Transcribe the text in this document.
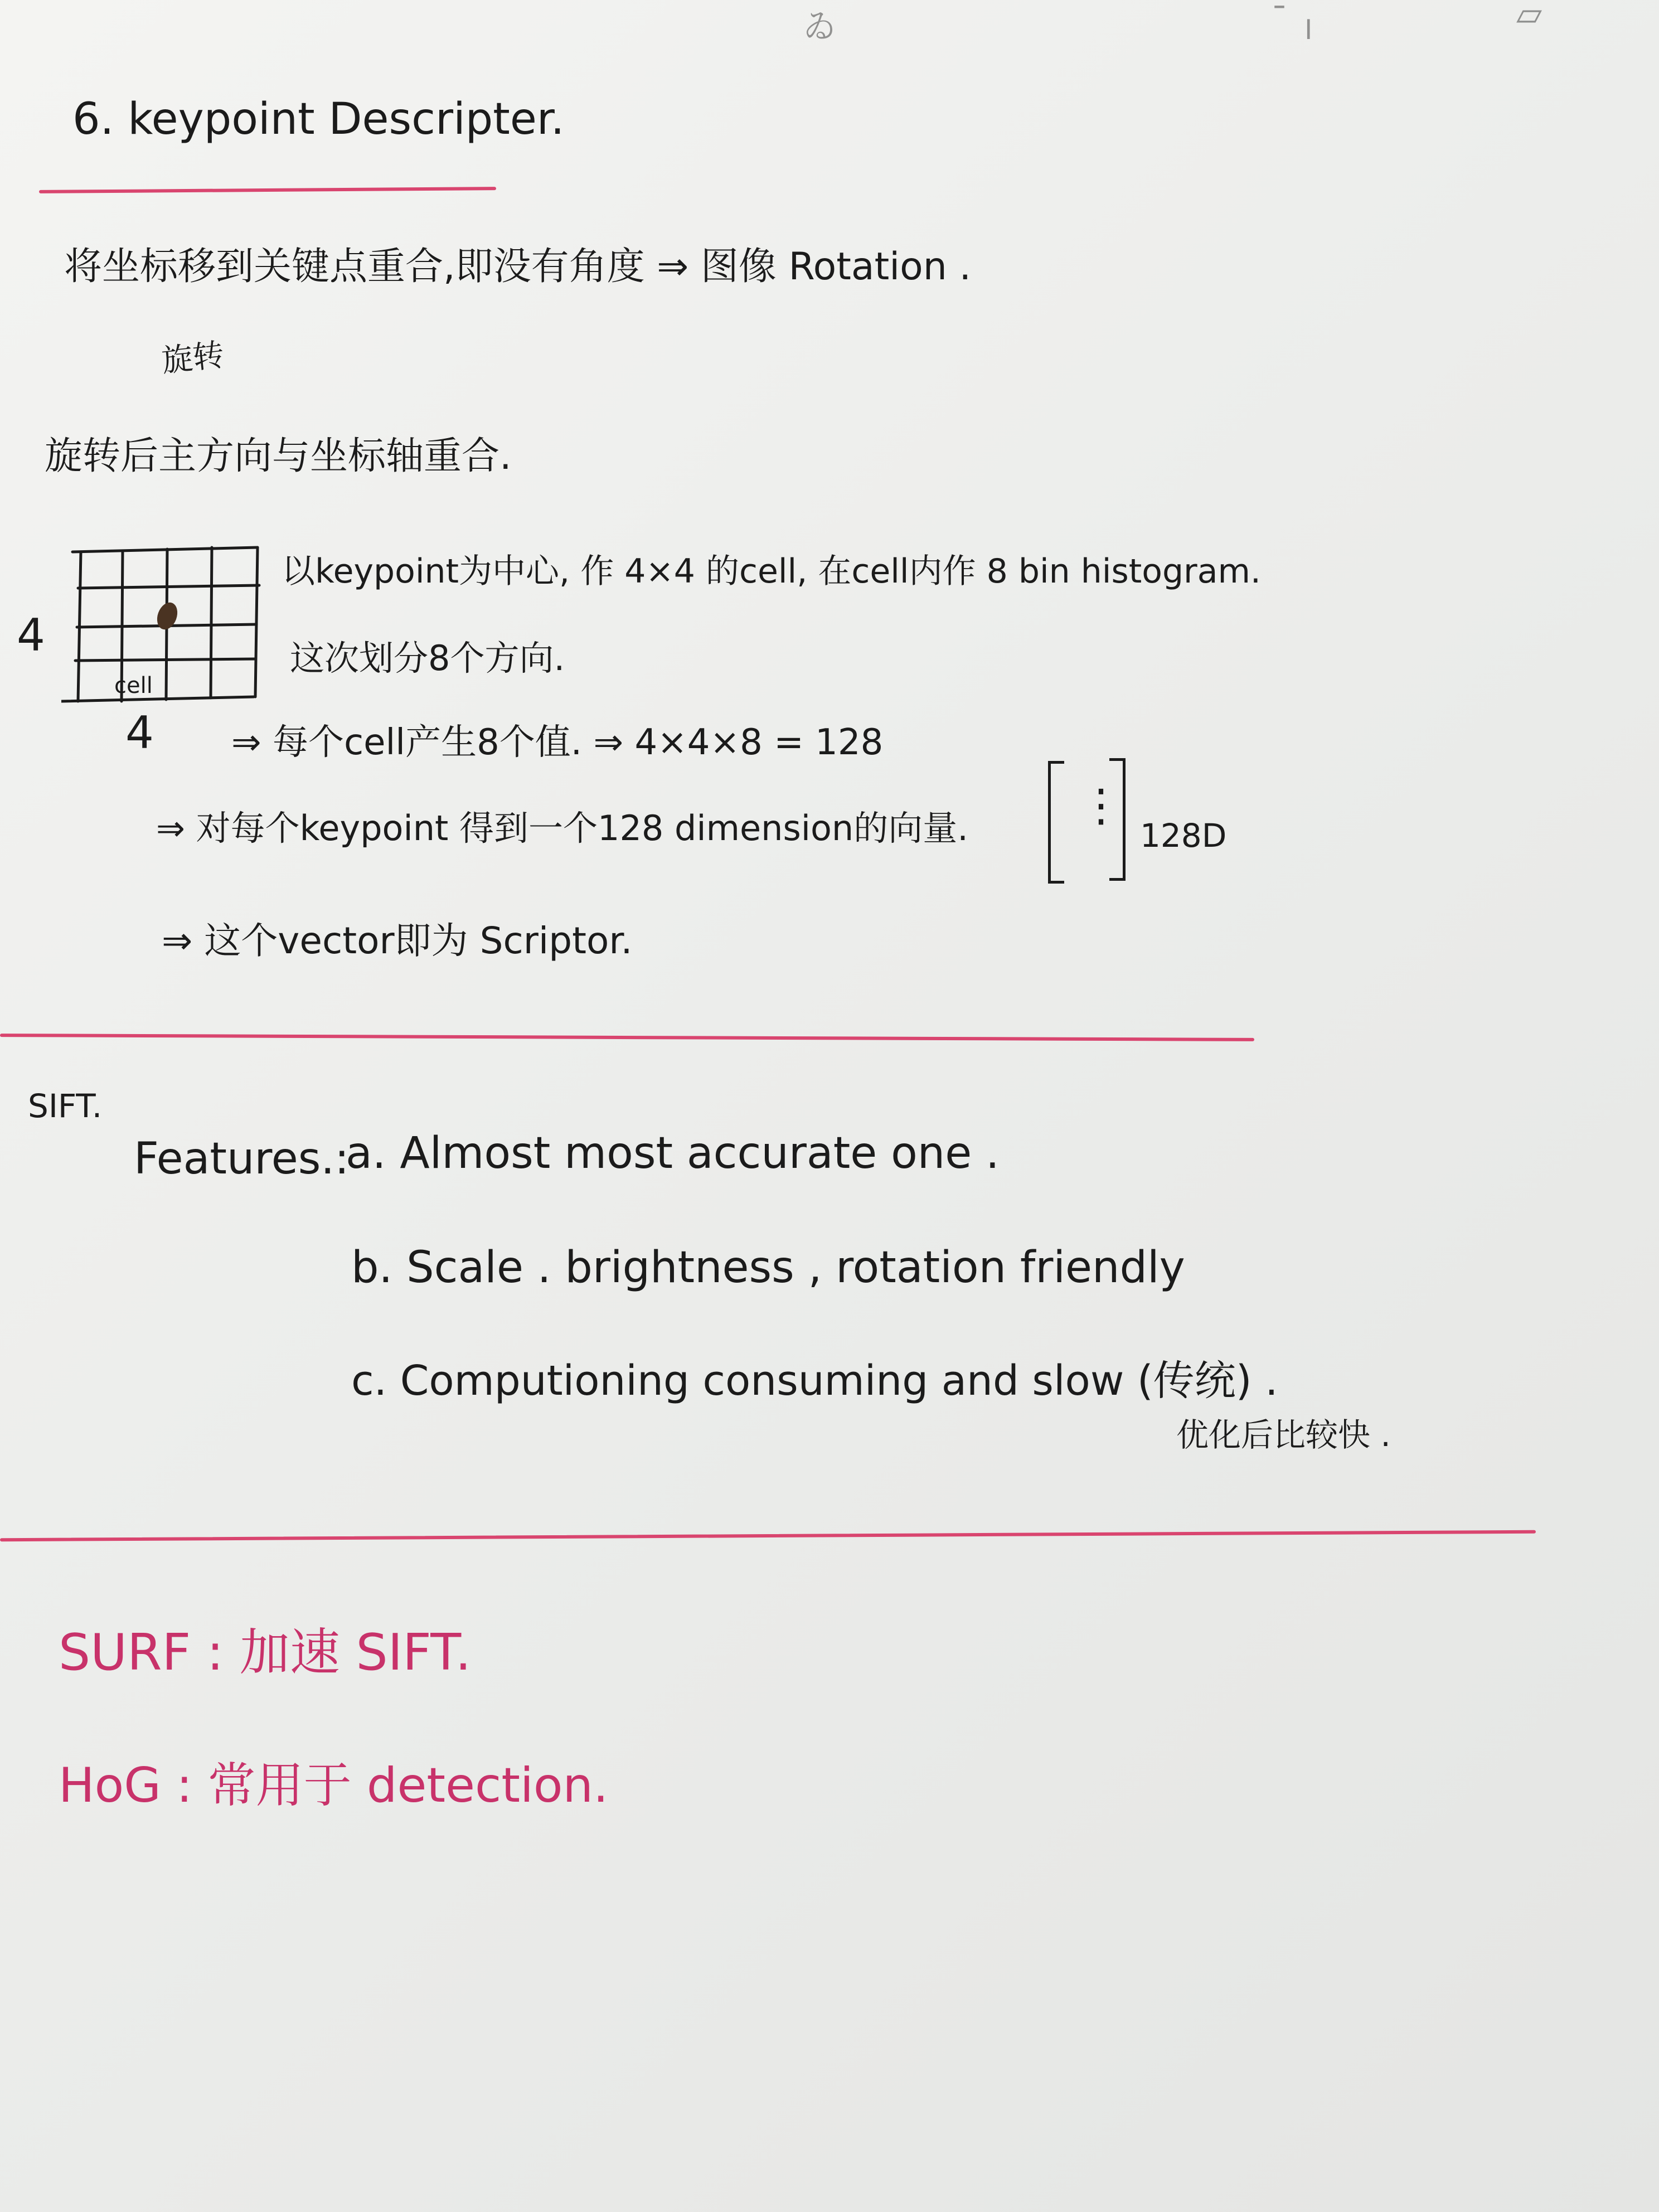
ゐ	ˉ ╷	▱
6. keypoint Descripter.
将坐标移到关键点重合,即没有角度 ⇒ 图像 Rotation .
旋转
旋转后主方向与坐标轴重合.
cell
4
4
以keypoint为中心, 作 4×4 的cell, 在cell内作 8 bin histogram.
这次划分8个方向.
⇒ 每个cell产生8个值. ⇒ 4×4×8 = 128
⇒ 对每个keypoint 得到一个128 dimension的向量. ⋮
128D
⇒ 这个vector即为 Scriptor.
SIFT.
Features.:
a. Almost most accurate one .
b. Scale . brightness , rotation friendly
c. Computioning consuming and slow (传统) .
优化后比较快 .
SURF : 加速 SIFT.
HoG : 常用于 detection.
